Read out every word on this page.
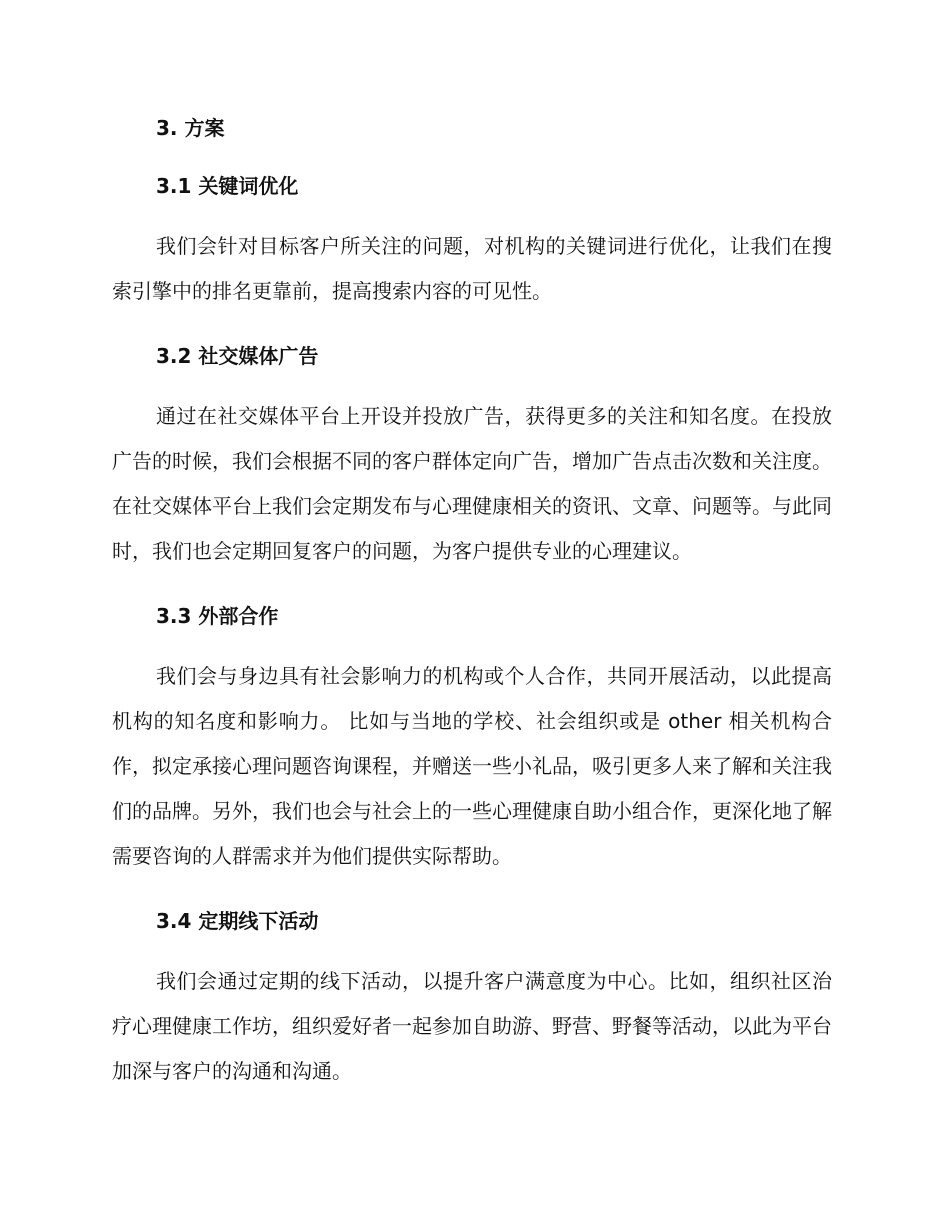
3. 方案
3.1 关键词优化

我们会针对目标客户所关注的问题，对机构的关键词进行优化，让我们在搜索引擎中的排名更靠前，提高搜索内容的可见性。

3.2 社交媒体广告

通过在社交媒体平台上开设并投放广告，获得更多的关注和知名度。在投放广告的时候，我们会根据不同的客户群体定向广告，增加广告点击次数和关注度。在社交媒体平台上我们会定期发布与心理健康相关的资讯、文章、问题等。与此同时，我们也会定期回复客户的问题，为客户提供专业的心理建议。

3.3 外部合作

我们会与身边具有社会影响力的机构或个人合作，共同开展活动，以此提高机构的知名度和影响力。 比如与当地的学校、社会组织或是 other 相关机构合作，拟定承接心理问题咨询课程，并赠送一些小礼品，吸引更多人来了解和关注我们的品牌。另外，我们也会与社会上的一些心理健康自助小组合作，更深化地了解需要咨询的人群需求并为他们提供实际帮助。

3.4 定期线下活动

我们会通过定期的线下活动，以提升客户满意度为中心。比如，组织社区治疗心理健康工作坊，组织爱好者一起参加自助游、野营、野餐等活动，以此为平台加深与客户的沟通和沟通。
